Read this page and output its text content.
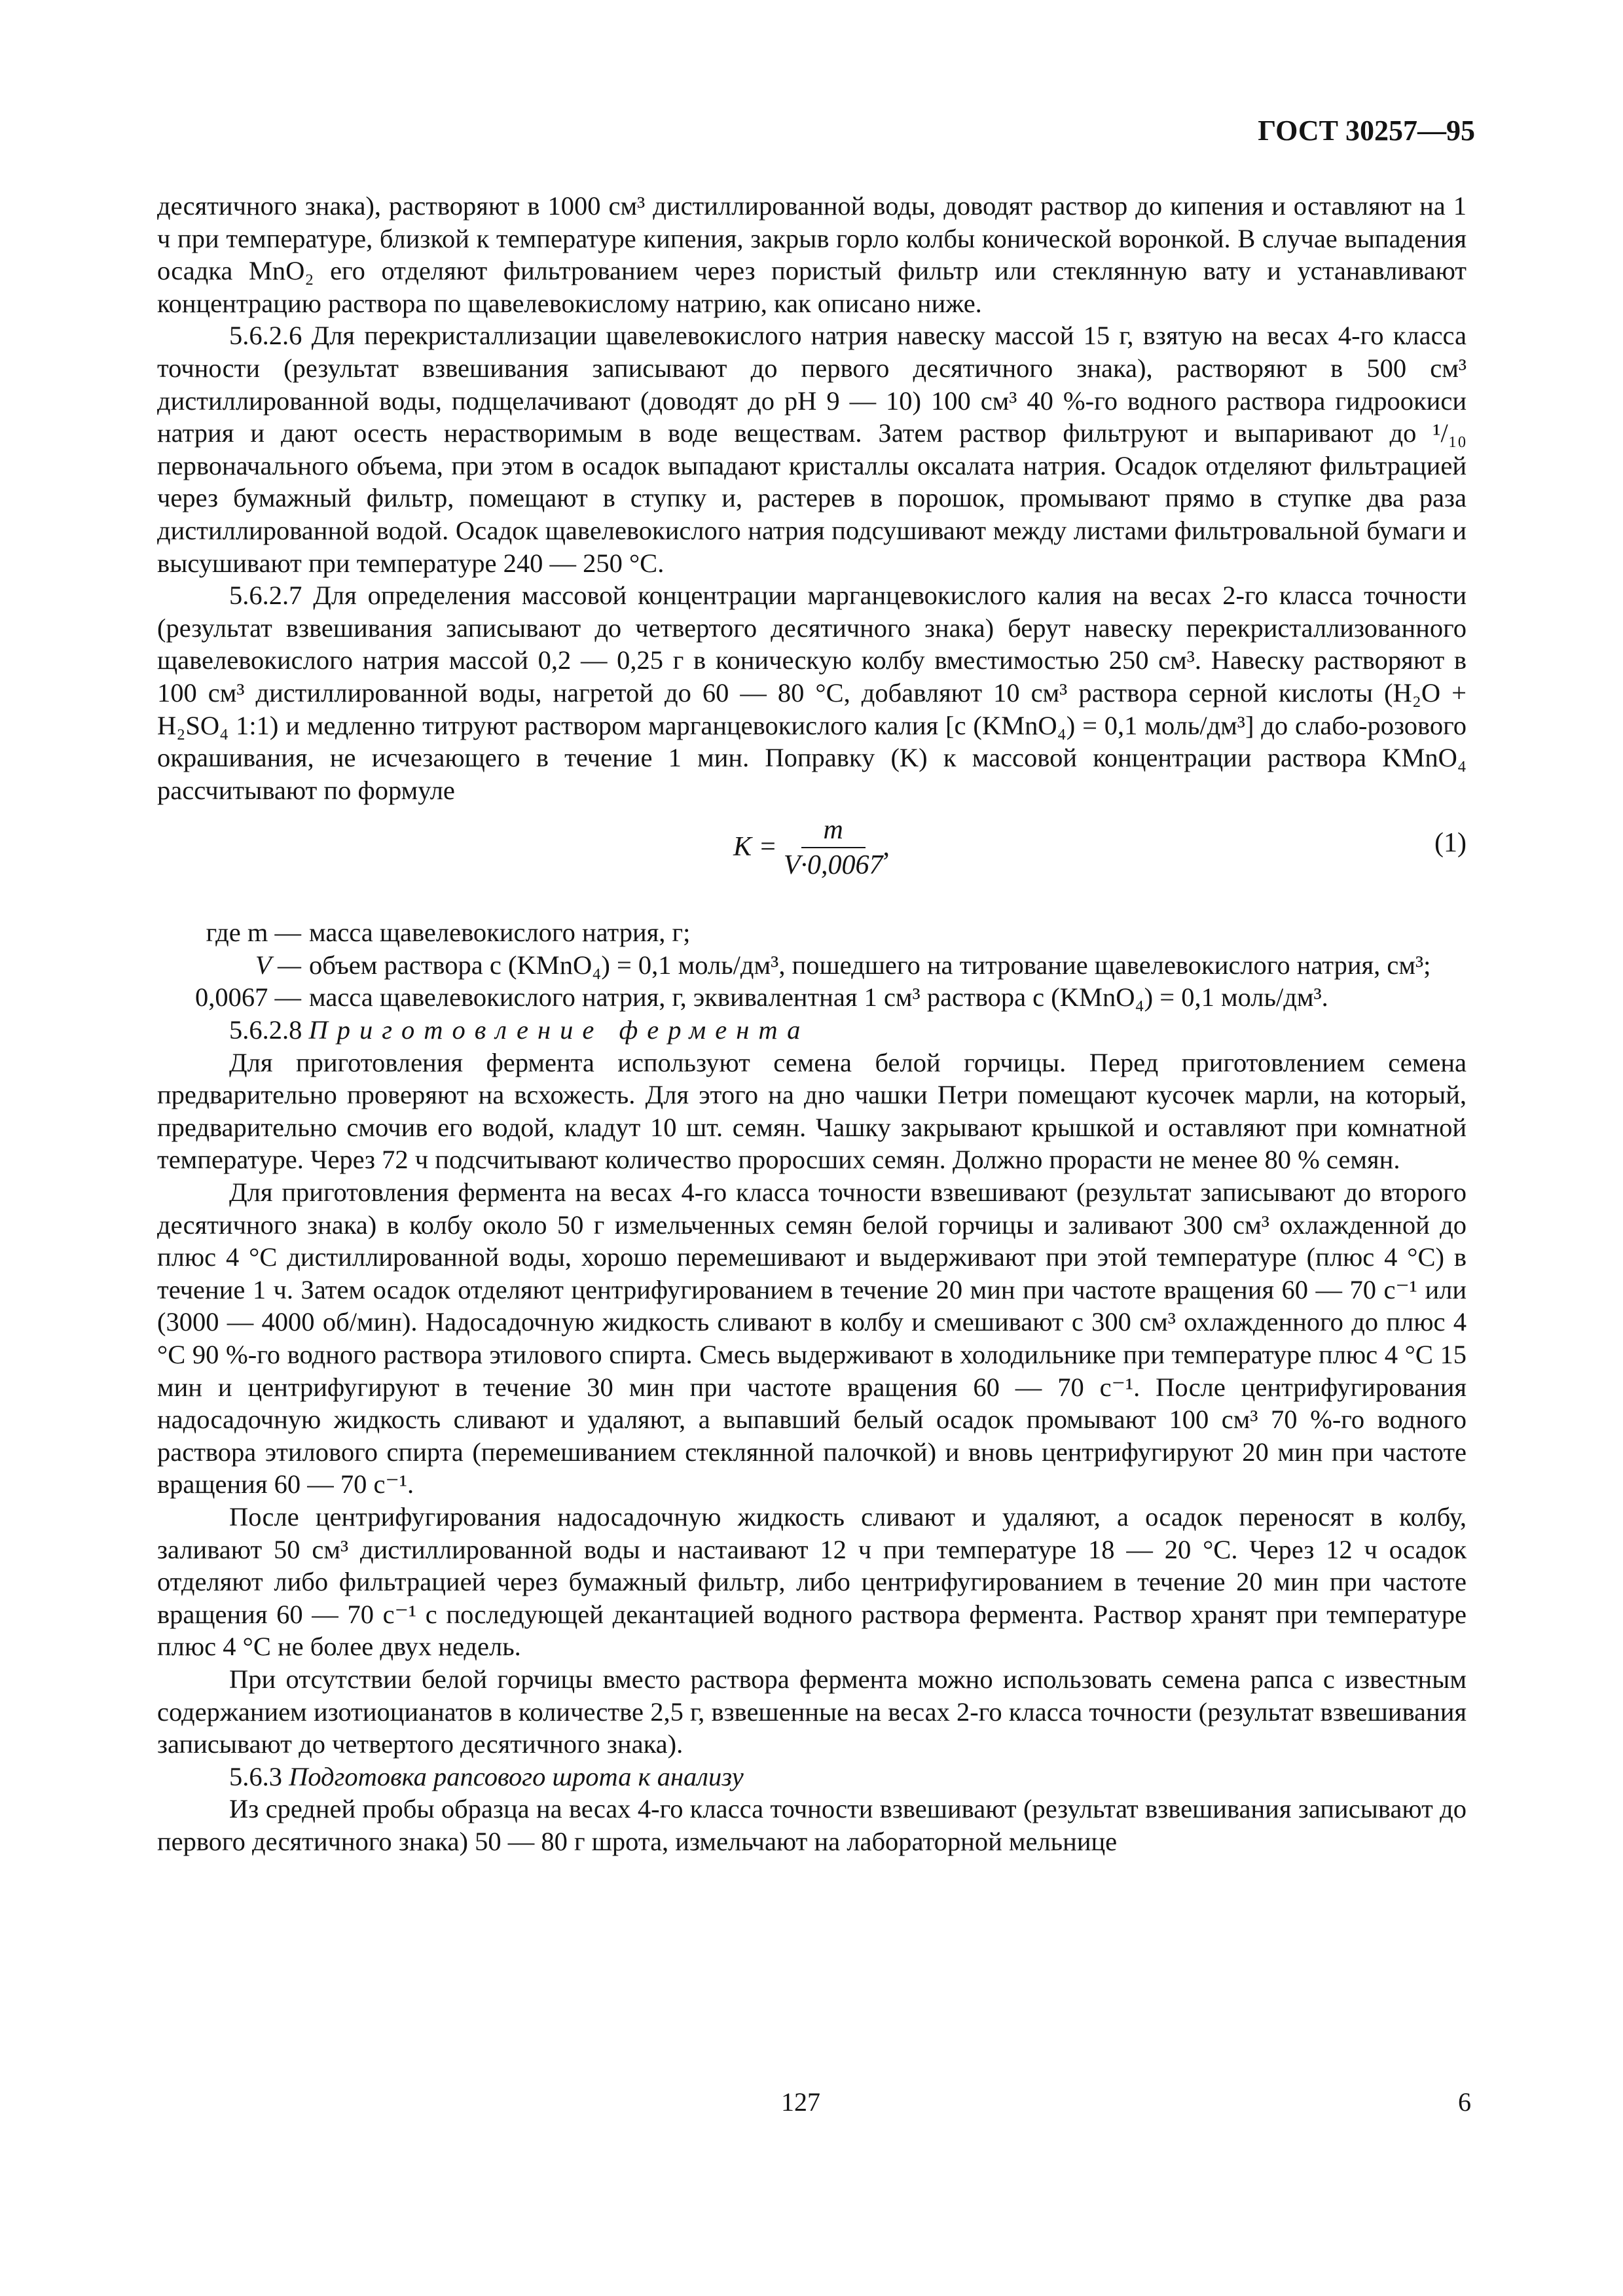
ГОСТ 30257—95

десятичного знака), растворяют в 1000 см³ дистиллированной воды, доводят раствор до кипения и оставляют на 1 ч при температуре, близкой к температуре кипения, закрыв горло колбы конической воронкой. В случае выпадения осадка MnO₂ его отделяют фильтрованием через пористый фильтр или стеклянную вату и устанавливают концентрацию раствора по щавелевокислому натрию, как описано ниже.

5.6.2.6 Для перекристаллизации щавелевокислого натрия навеску массой 15 г, взятую на весах 4-го класса точности (результат взвешивания записывают до первого десятичного знака), растворяют в 500 см³ дистиллированной воды, подщелачивают (доводят до pH 9 — 10) 100 см³ 40 %-го водного раствора гидроокиси натрия и дают осесть нерастворимым в воде веществам. Затем раствор фильтруют и выпаривают до ¹/₁₀ первоначального объема, при этом в осадок выпадают кристаллы оксалата натрия. Осадок отделяют фильтрацией через бумажный фильтр, помещают в ступку и, растерев в порошок, промывают прямо в ступке два раза дистиллированной водой. Осадок щавелевокислого натрия подсушивают между листами фильтровальной бумаги и высушивают при температуре 240 — 250 °C.

5.6.2.7 Для определения массовой концентрации марганцевокислого калия на весах 2-го класса точности (результат взвешивания записывают до четвертого десятичного знака) берут навеску перекристаллизованного щавелевокислого натрия массой 0,2 — 0,25 г в коническую колбу вместимостью 250 см³. Навеску растворяют в 100 см³ дистиллированной воды, нагретой до 60 — 80 °C, добавляют 10 см³ раствора серной кислоты (H₂O + H₂SO₄ 1:1) и медленно титруют раствором марганцевокислого калия [c (KMnO₄) = 0,1 моль/дм³] до слабо-розового окрашивания, не исчезающего в течение 1 мин. Поправку (K) к массовой концентрации раствора KMnO₄ рассчитывают по формуле

$K = \frac{m}{V\cdot 0,0067}$ ,	(1)
где m — масса щавелевокислого натрия, г;
V — объем раствора c (KMnO₄) = 0,1 моль/дм³, пошедшего на титрование щавелевокислого натрия, см³;
0,0067 — масса щавелевокислого натрия, г, эквивалентная 1 см³ раствора c (KMnO₄) = 0,1 моль/дм³.

5.6.2.8 Приготовление фермента

Для приготовления фермента используют семена белой горчицы. Перед приготовлением семена предварительно проверяют на всхожесть. Для этого на дно чашки Петри помещают кусочек марли, на который, предварительно смочив его водой, кладут 10 шт. семян. Чашку закрывают крышкой и оставляют при комнатной температуре. Через 72 ч подсчитывают количество проросших семян. Должно прорасти не менее 80 % семян.

Для приготовления фермента на весах 4-го класса точности взвешивают (результат записывают до второго десятичного знака) в колбу около 50 г измельченных семян белой горчицы и заливают 300 см³ охлажденной до плюс 4 °C дистиллированной воды, хорошо перемешивают и выдерживают при этой температуре (плюс 4 °C) в течение 1 ч. Затем осадок отделяют центрифугированием в течение 20 мин при частоте вращения 60 — 70 с⁻¹ или (3000 — 4000 об/мин). Надосадочную жидкость сливают в колбу и смешивают с 300 см³ охлажденного до плюс 4 °C 90 %-го водного раствора этилового спирта. Смесь выдерживают в холодильнике при температуре плюс 4 °C 15 мин и центрифугируют в течение 30 мин при частоте вращения 60 — 70 с⁻¹. После центрифугирования надосадочную жидкость сливают и удаляют, а выпавший белый осадок промывают 100 см³ 70 %-го водного раствора этилового спирта (перемешиванием стеклянной палочкой) и вновь центрифугируют 20 мин при частоте вращения 60 — 70 с⁻¹.

После центрифугирования надосадочную жидкость сливают и удаляют, а осадок переносят в колбу, заливают 50 см³ дистиллированной воды и настаивают 12 ч при температуре 18 — 20 °C. Через 12 ч осадок отделяют либо фильтрацией через бумажный фильтр, либо центрифугированием в течение 20 мин при частоте вращения 60 — 70 с⁻¹ с последующей декантацией водного раствора фермента. Раствор хранят при температуре плюс 4 °C не более двух недель.

При отсутствии белой горчицы вместо раствора фермента можно использовать семена рапса с известным содержанием изотиоцианатов в количестве 2,5 г, взвешенные на весах 2-го класса точности (результат взвешивания записывают до четвертого десятичного знака).

5.6.3 Подготовка рапсового шрота к анализу

Из средней пробы образца на весах 4-го класса точности взвешивают (результат взвешивания записывают до первого десятичного знака) 50 — 80 г шрота, измельчают на лабораторной мельнице

127	6
